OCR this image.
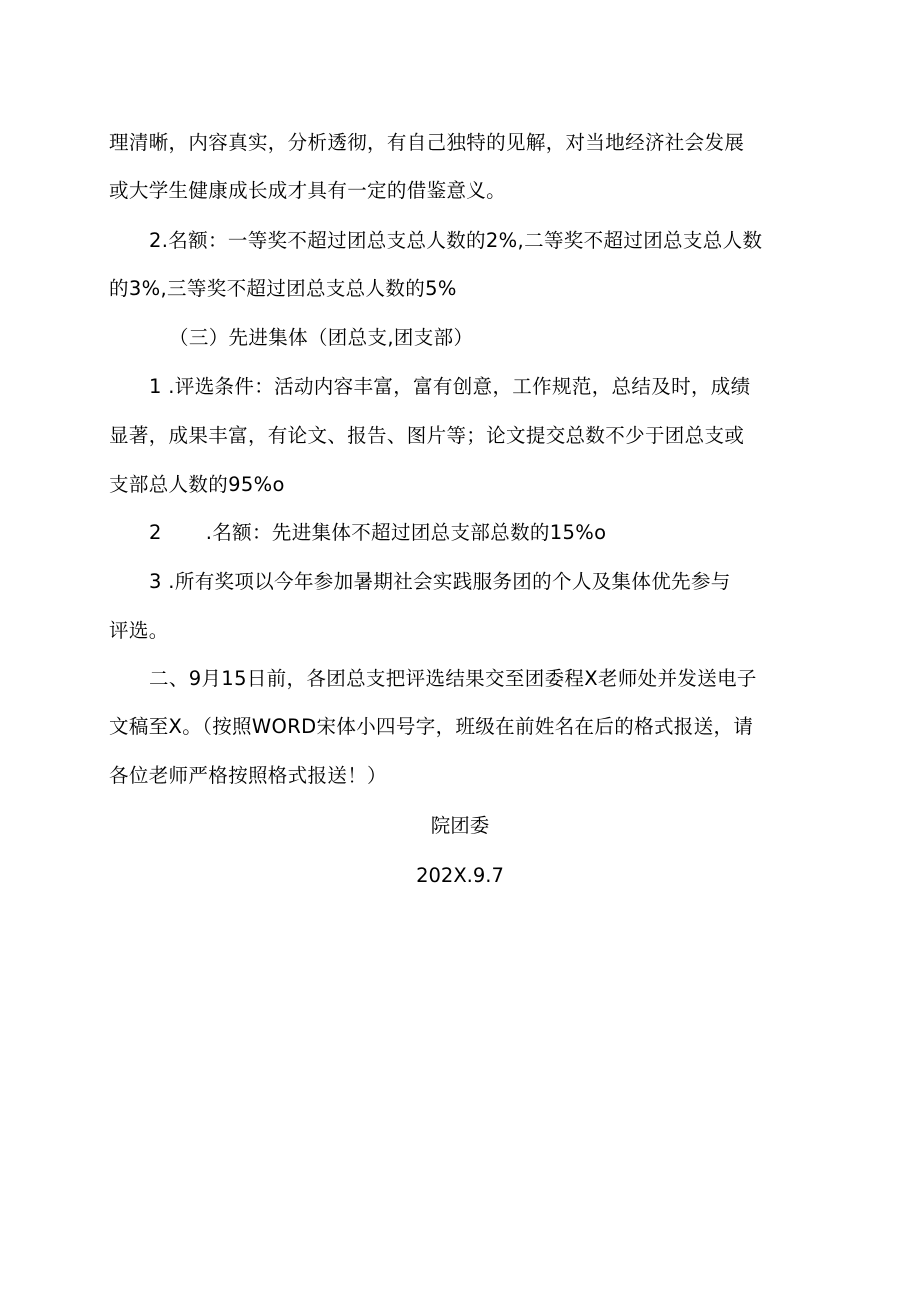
理清晰，内容真实，分析透彻，有自己独特的见解，对当地经济社会发展
或大学生健康成长成才具有一定的借鉴意义。
2.名额：一等奖不超过团总支总人数的2%,二等奖不超过团总支总人数
的3%,三等奖不超过团总支总人数的5%
（三）先进集体（团总支,团支部）
1 .评选条件：活动内容丰富，富有创意，工作规范，总结及时，成绩
显著，成果丰富，有论文、报告、图片等；论文提交总数不少于团总支或
支部总人数的95%o
2 .名额：先进集体不超过团总支部总数的15%o
3 .所有奖项以今年参加暑期社会实践服务团的个人及集体优先参与
评选。
二、9月15日前，各团总支把评选结果交至团委程X老师处并发送电子
文稿至X。（按照WORD宋体小四号字，班级在前姓名在后的格式报送，请
各位老师严格按照格式报送！）
院团委
202X.9.7
